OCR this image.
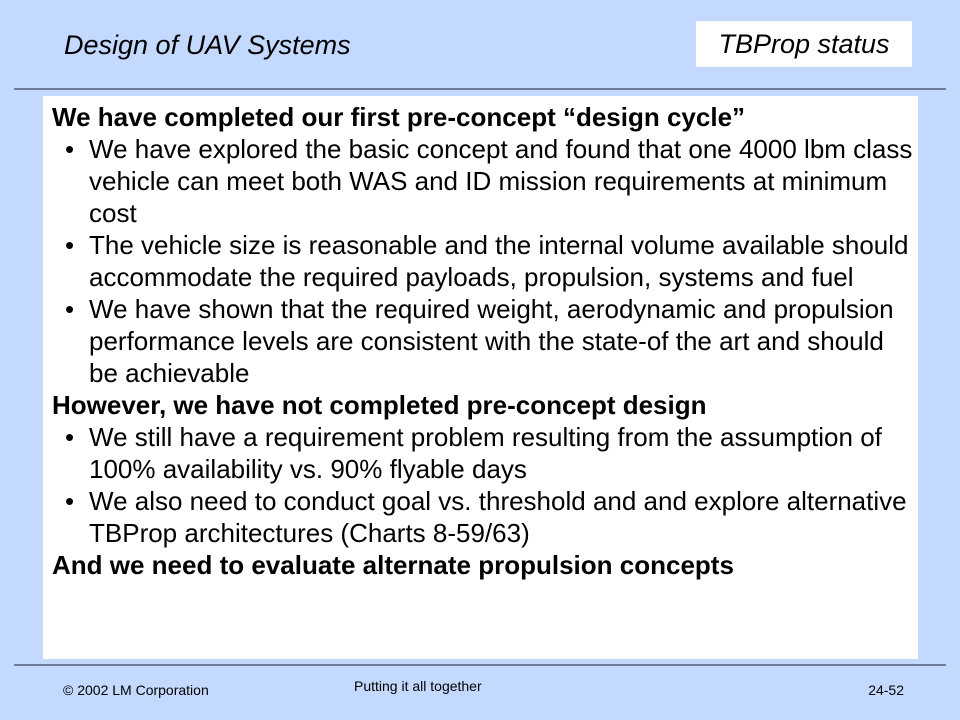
Design of UAV Systems	TBProp status

We have completed our first pre-concept “design cycle”

• We have explored the basic concept and found that one 4000 lbm class vehicle can meet both WAS and ID mission requirements at minimum cost

• The vehicle size is reasonable and the internal volume available should accommodate the required payloads, propulsion, systems and fuel

• We have shown that the required weight, aerodynamic and propulsion performance levels are consistent with the state-of the art and should be achievable

However, we have not completed pre-concept design

• We still have a requirement problem resulting from the assumption of 100% availability vs. 90% flyable days

• We also need to conduct goal vs. threshold and and explore alternative TBProp architectures (Charts 8-59/63)

And we need to evaluate alternate propulsion concepts

© 2002 LM Corporation	Putting it all together	24-52
